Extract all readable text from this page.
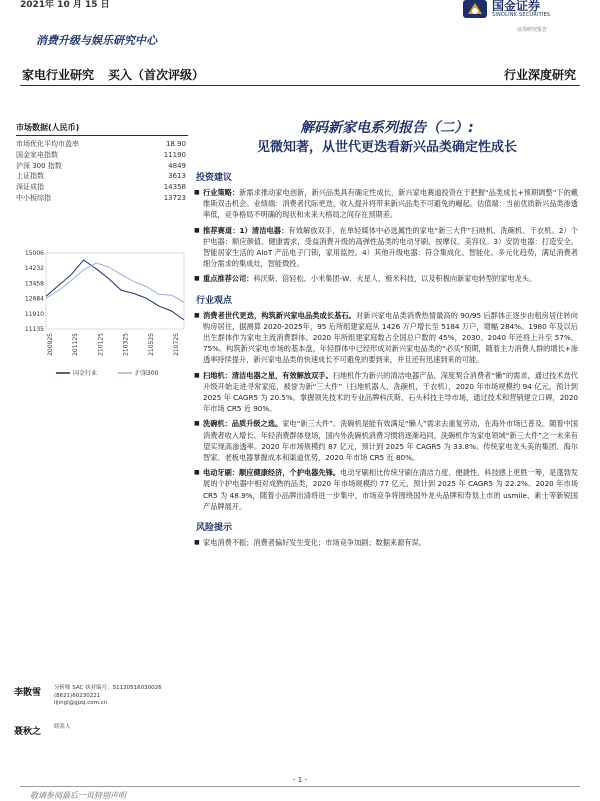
2021年 10 月 15 日	国金证券
SINOLINK SECURITIES
证券研究报告
消费升级与娱乐研究中心
家电行业研究 买入（首次评级）	行业深度研究
市场数据(人民币)
市场优化平均市盈率	18.90
国金家电指数	11190
沪深 300 指数	4849
上证指数	3613
深证成指	14358
中小板综指	13723
15006
14232
13458
12684
11910
11135
200925	201125	210125	210325	210525	210725
国金行业	沪深300
李散雪	分析师 SAC 执业编号：S1130516030026
(8621)60230221
lijingl@gjzq.com.cn
聂秋之	联系人
解码新家电系列报告（二）:
见微知著，从世代更迭看新兴品类确定性成长
投资建议
■ 行业策略：新需求推动家电创新，新兴品类具有确定性成长，新兴家电赛道投资在于把握“品类成长+预期调整”下的戴维斯双击机会。业绩端：消费者代际更迭，收入提升将带来新兴品类不可避免的崛起。估值端：当前优质新兴品类渗透率低，竞争格局不明确的现状和未来大格局之间存在预期差。
■ 推荐赛道：1）清洁电器：有效解放双手，在单轻媒体中必选属性的家电“新三大件”扫地机、洗碗机、干衣机。2）个护电器：顺应颜值、健康需求，受益消费升级的高弹性品类的电动牙刷、按摩仪、美容仪。3）安防电器：打造安全、智能居家生活的 AIoT 产品电子门锁，家用监控。4）其他升级电器：符合集成化、智能化、多元化趋势，满足消费者细分需求的集成灶，智能微投。
■ 重点推荐公司：科沃斯、倍轻松、小米集团-W、火星人、极米科技，以及积极向新家电转型的家电龙头。
行业观点
■ 消费者世代更迭，构筑新兴家电品类成长基石。对新兴家电品类消费热情最高的 90/95 后群体正逐步由租房居住转向购房居住，据测算 2020-2025年，95 后所组建家庭从 1426 万户增长至 5184 万户，增幅 284%。1980 年及以后出生群体作为家电主流消费群体。2020 年所组建家庭数占全国总户数的 45%，2030、2040 年还将上升至 57%、75%。构筑新兴家电市场的基本盘，年轻群体中已经形成对新兴家电品类的“必买”预期，随着主力消费人群的增长+渗透率持续提升，新兴家电品类的快速成长不可避免的要到来，并且还有迅速到来的可能。
■ 扫地机：清洁电器之星，有效解放双手。扫地机作为新兴的清洁电器产品，深度契合消费者“懒”的需求，通过技术迭代升级开始走进寻常家庭，被誉为新“三大件”（扫地机器人，洗碗机，干衣机），2020 年市场规模约 94 亿元，预计到 2025 年 CAGR5 为 20.5%。掌握领先技术的专业品牌科沃斯、石头科技主导市场，通过技术和营销建立口碑，2020 年市场 CR5 近 90%。
■ 洗碗机：品质升级之选。家电“新三大件”。洗碗机是能有效满足“懒人”需求去重复劳动，在海外市场已普及。随着中国消费者收入增长、年轻消费群体登场，国内外洗碗机消费习惯将逐渐趋同。洗碗机作为家电领域“新三大件”之一未来有望实现高渗透率。2020 年市场规模约 87 亿元，预计到 2025 年 CAGR5 为 33.8%。传统家电龙头美的集团、海尔智家、老板电器掌握成本和渠道优势，2020 年市场 CR5 近 80%。
■ 电动牙刷：顺应健康经济，个护电器先锋。电动牙刷相比传统牙刷在清洁力度、便捷性、科技感上更胜一筹，是蓬勃发展的个护电器中相对成熟的品类，2020 年市场规模约 77 亿元，预计到 2025 年 CAGR5 为 22.2%。2020 年市场 CR5 为 48.9%，随着小品牌出清将进一步集中，市场竞争将围绕国外龙头品牌和寿划上市的 usmile、素士等新锐国产品牌展开。
风险提示
■ 家电消费不振；消费者偏好发生变化；市场竞争加剧；数据来源有误。
- 1 -
敬请参阅最后一页特别声明
